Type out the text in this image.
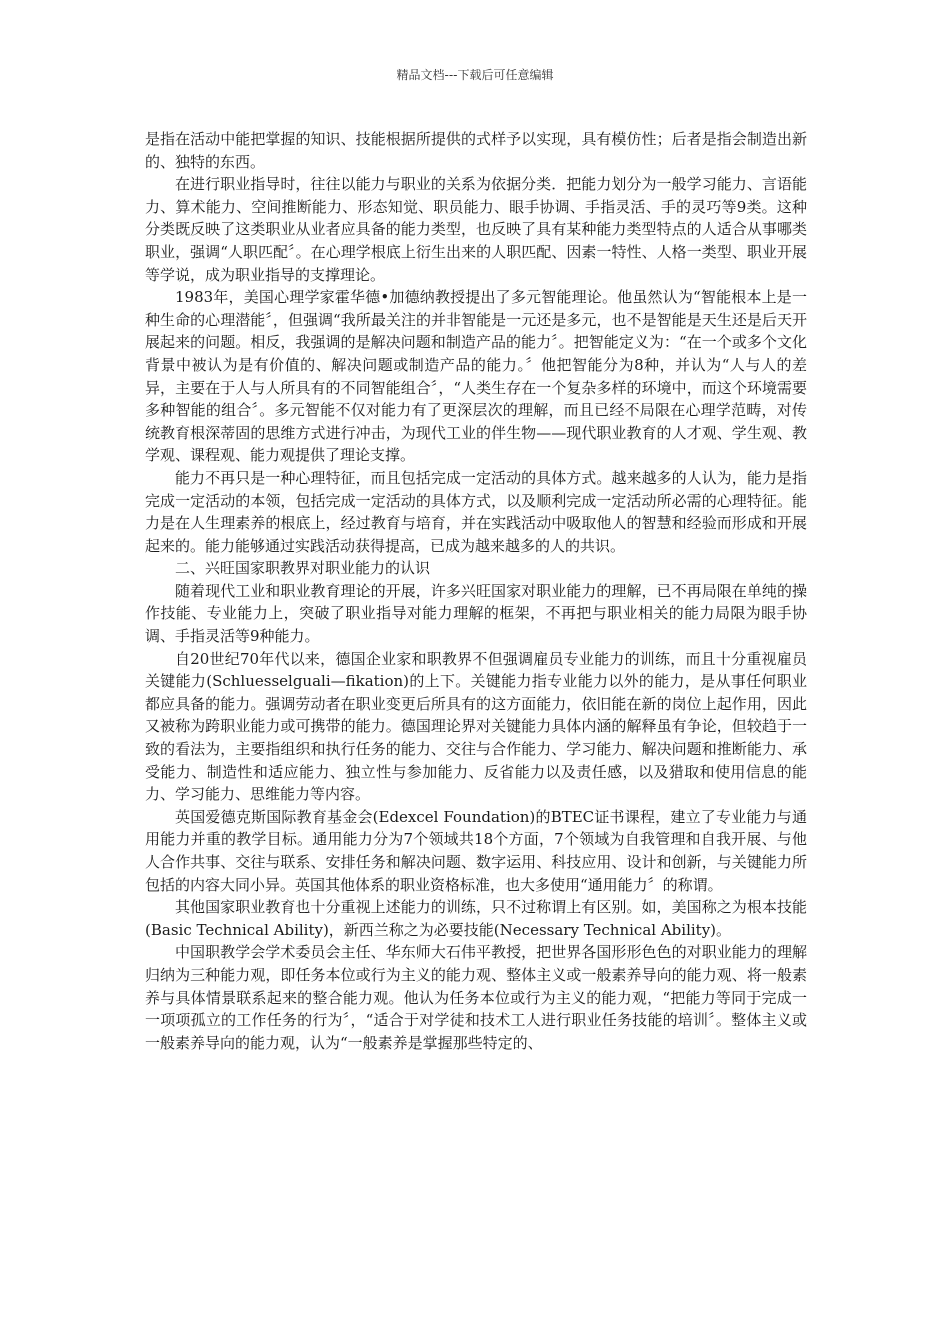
精品文档---下载后可任意编辑

是指在活动中能把掌握的知识、技能根据所提供的式样予以实现，具有模仿性；后者是指会制造出新的、独特的东西。

在进行职业指导时，往往以能力与职业的关系为依据分类．把能力划分为一般学习能力、言语能力、算术能力、空间推断能力、形态知觉、职员能力、眼手协调、手指灵活、手的灵巧等9类。这种分类既反映了这类职业从业者应具备的能力类型，也反映了具有某种能力类型特点的人适合从事哪类职业，强调“人职匹配〞。在心理学根底上衍生出来的人职匹配、因素一特性、人格一类型、职业开展等学说，成为职业指导的支撑理论。

1983年，美国心理学家霍华德•加德纳教授提出了多元智能理论。他虽然认为“智能根本上是一种生命的心理潜能〞，但强调“我所最关注的并非智能是一元还是多元，也不是智能是天生还是后天开展起来的问题。相反，我强调的是解决问题和制造产品的能力〞。把智能定义为：“在一个或多个文化背景中被认为是有价值的、解决问题或制造产品的能力。〞他把智能分为8种，并认为“人与人的差异，主要在于人与人所具有的不同智能组合〞，“人类生存在一个复杂多样的环境中，而这个环境需要多种智能的组合〞。多元智能不仅对能力有了更深层次的理解，而且已经不局限在心理学范畴，对传统教育根深蒂固的思维方式进行冲击，为现代工业的伴生物——现代职业教育的人才观、学生观、教学观、课程观、能力观提供了理论支撑。

能力不再只是一种心理特征，而且包括完成一定活动的具体方式。越来越多的人认为，能力是指完成一定活动的本领，包括完成一定活动的具体方式，以及顺利完成一定活动所必需的心理特征。能力是在人生理素养的根底上，经过教育与培育，并在实践活动中吸取他人的智慧和经验而形成和开展起来的。能力能够通过实践活动获得提高，已成为越来越多的人的共识。

二、兴旺国家职教界对职业能力的认识

随着现代工业和职业教育理论的开展，许多兴旺国家对职业能力的理解，已不再局限在单纯的操作技能、专业能力上，突破了职业指导对能力理解的框架，不再把与职业相关的能力局限为眼手协调、手指灵活等9种能力。

自20世纪70年代以来，德国企业家和职教界不但强调雇员专业能力的训练，而且十分重视雇员关键能力(Schluesselguali—fikation)的上下。关键能力指专业能力以外的能力，是从事任何职业都应具备的能力。强调劳动者在职业变更后所具有的这方面能力，依旧能在新的岗位上起作用，因此又被称为跨职业能力或可携带的能力。德国理论界对关键能力具体内涵的解释虽有争论，但较趋于一致的看法为，主要指组织和执行任务的能力、交往与合作能力、学习能力、解决问题和推断能力、承受能力、制造性和适应能力、独立性与参加能力、反省能力以及责任感，以及猎取和使用信息的能力、学习能力、思维能力等内容。

英国爱德克斯国际教育基金会(Edexcel Foundation)的BTEC证书课程，建立了专业能力与通用能力并重的教学目标。通用能力分为7个领域共18个方面，7个领域为自我管理和自我开展、与他人合作共事、交往与联系、安排任务和解决问题、数字运用、科技应用、设计和创新，与关键能力所包括的内容大同小异。英国其他体系的职业资格标准，也大多使用“通用能力〞的称谓。

其他国家职业教育也十分重视上述能力的训练，只不过称谓上有区别。如，美国称之为根本技能(Basic Technical Ability)，新西兰称之为必要技能(Necessary Technical Ability)。

中国职教学会学术委员会主任、华东师大石伟平教授，把世界各国形形色色的对职业能力的理解归纳为三种能力观，即任务本位或行为主义的能力观、整体主义或一般素养导向的能力观、将一般素养与具体情景联系起来的整合能力观。他认为任务本位或行为主义的能力观，“把能力等同于完成一一项项孤立的工作任务的行为〞，“适合于对学徒和技术工人进行职业任务技能的培训〞。整体主义或一般素养导向的能力观，认为“一般素养是掌握那些特定的、
